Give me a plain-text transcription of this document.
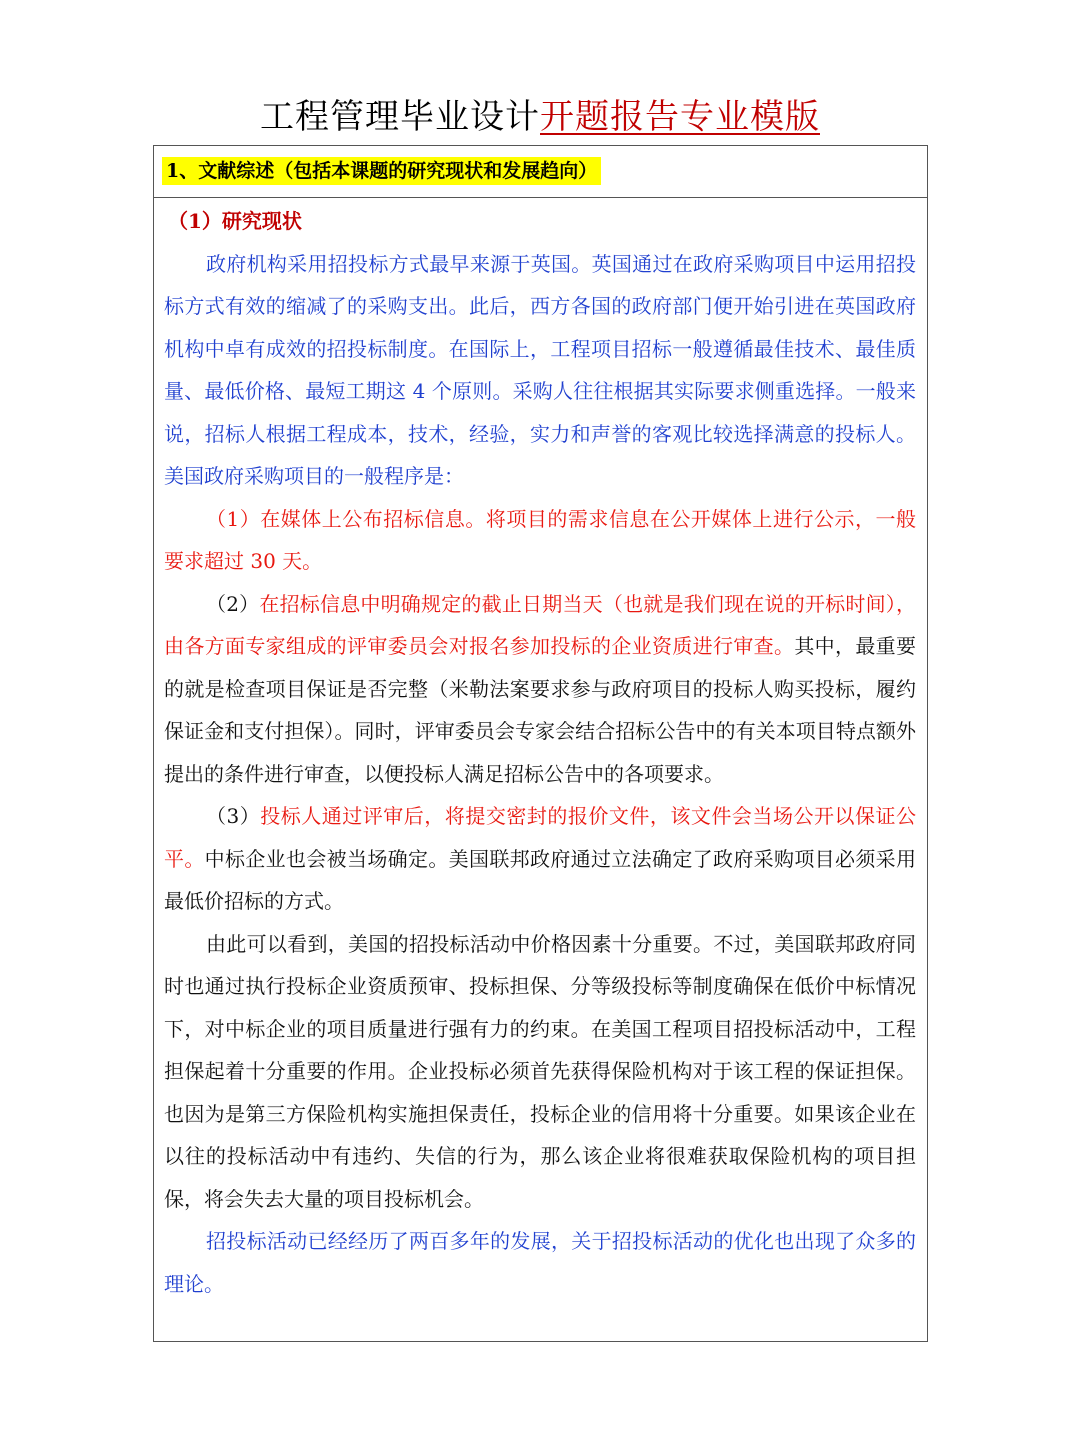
工程管理毕业设计开题报告专业模版
1、文献综述（包括本课题的研究现状和发展趋向）

（1）研究现状

政府机构采用招投标方式最早来源于英国。英国通过在政府采购项目中运用招投标方式有效的缩减了的采购支出。此后，西方各国的政府部门便开始引进在英国政府机构中卓有成效的招投标制度。在国际上，工程项目招标一般遵循最佳技术、最佳质量、最低价格、最短工期这 4 个原则。采购人往往根据其实际要求侧重选择。一般来说，招标人根据工程成本，技术，经验，实力和声誉的客观比较选择满意的投标人。美国政府采购项目的一般程序是：

（1）在媒体上公布招标信息。将项目的需求信息在公开媒体上进行公示，一般要求超过 30 天。

（2）在招标信息中明确规定的截止日期当天（也就是我们现在说的开标时间），由各方面专家组成的评审委员会对报名参加投标的企业资质进行审查。其中，最重要的就是检查项目保证是否完整（米勒法案要求参与政府项目的投标人购买投标，履约保证金和支付担保）。同时，评审委员会专家会结合招标公告中的有关本项目特点额外提出的条件进行审查，以便投标人满足招标公告中的各项要求。

（3）投标人通过评审后，将提交密封的报价文件，该文件会当场公开以保证公平。中标企业也会被当场确定。美国联邦政府通过立法确定了政府采购项目必须采用最低价招标的方式。

由此可以看到，美国的招投标活动中价格因素十分重要。不过，美国联邦政府同时也通过执行投标企业资质预审、投标担保、分等级投标等制度确保在低价中标情况下，对中标企业的项目质量进行强有力的约束。在美国工程项目招投标活动中，工程担保起着十分重要的作用。企业投标必须首先获得保险机构对于该工程的保证担保。也因为是第三方保险机构实施担保责任，投标企业的信用将十分重要。如果该企业在以往的投标活动中有违约、失信的行为，那么该企业将很难获取保险机构的项目担保，将会失去大量的项目投标机会。

招投标活动已经经历了两百多年的发展，关于招投标活动的优化也出现了众多的理论。
